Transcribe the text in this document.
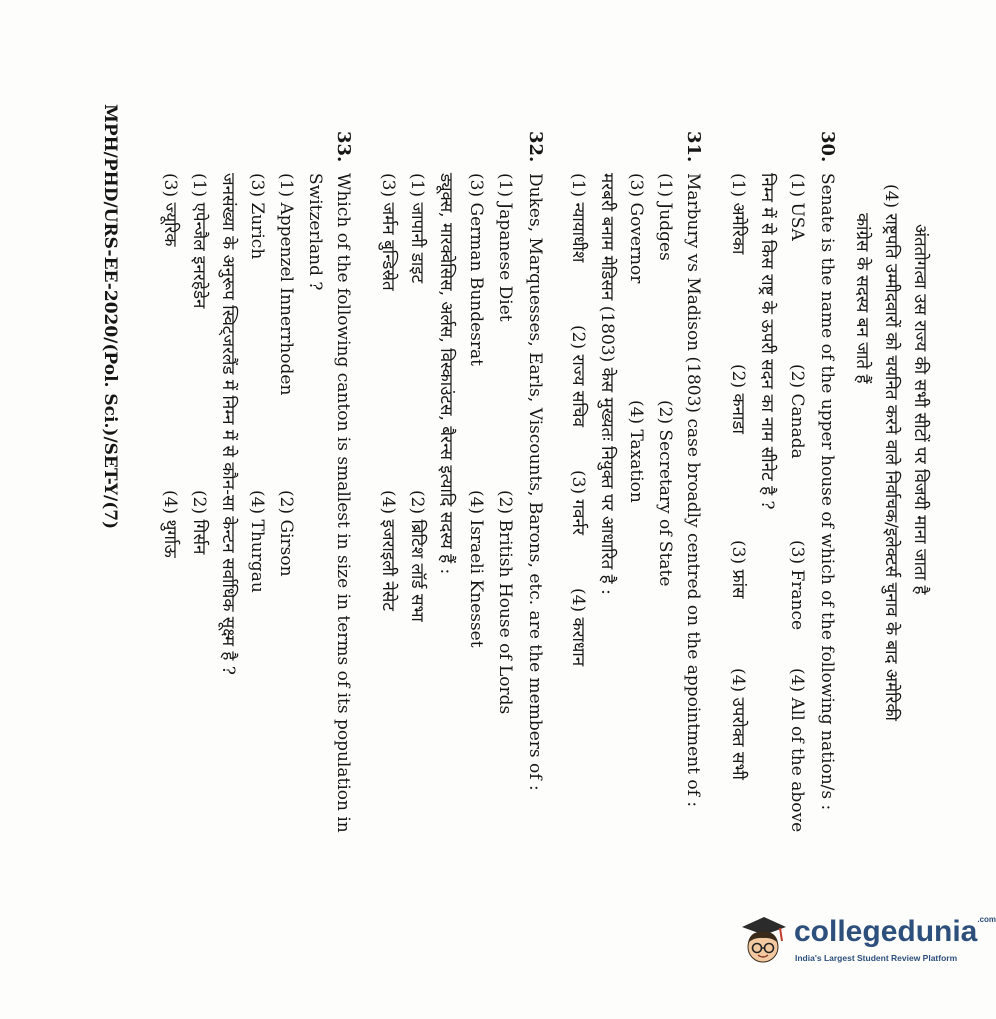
अंततोगत्वा उस राज्य की सभी सीटों पर विजयी माना जाता है
(4) राष्ट्रपति उम्मीदवारों को चयनित करने वाले निर्वाचक/इलेक्टर्स चुनाव के बाद अमेरिकी
कांग्रेस के सदस्य बन जाते हैं
30.
Senate is the name of the upper house of which of the following nation/s :
(1) USA
(2) Canada
(3) France
(4) All of the above
निम्न में से किस राष्ट्र के ऊपरी सदन का नाम सीनेट है ?
(1) अमेरिका
(2) कनाडा
(3) फ्रांस
(4) उपरोक्त सभी
31.
Marbury vs Madison (1803) case broadly centred on the appointment of :
(1) Judges
(2) Secretary of State
(3) Governor
(4) Taxation
मरबरी बनाम मेडिसन (1803) केस मुख्यतः नियुक्त पर आधारित है :
(1) न्यायाधीश
(2) राज्य सचिव
(3) गवर्नर
(4) कराधान
32.
Dukes, Marquesses, Earls, Viscounts, Barons, etc. are the members of :
(1) Japanese Diet
(2) British House of Lords
(3) German Bundesrat
(4) Israeli Knesset
ड्यूक्स, मारक्वेसिस, अर्लस, विस्काउंटस, बैरन्स इत्यादि सदस्य हैं :
(1) जापानी डाइट
(2) ब्रिटिश लॉर्ड सभा
(3) जर्मन बुन्डिस्रेत
(4) इजराइली नेसेट
33.
Which of the following canton is smallest in size in terms of its population in
Switzerland ?
(1) Appenzel Innerrhoden
(2) Girson
(3) Zurich
(4) Thurgau
जनसंख्या के अनुरूप स्विट्जरलैंड में निम्न में से कौन-सा केन्टन सर्वाधिक सूक्ष्म है ?
(1) एपेन्जैल इनरहेडेन
(2) गिर्सन
(3) ज्यूरिक
(4) थुर्गाऊ
MPH/PHD/URS-EE-2020/(Pol. Sci.)/SET-Y/(7)
collegedunia$^{.com}$
India's Largest Student Review Platform
